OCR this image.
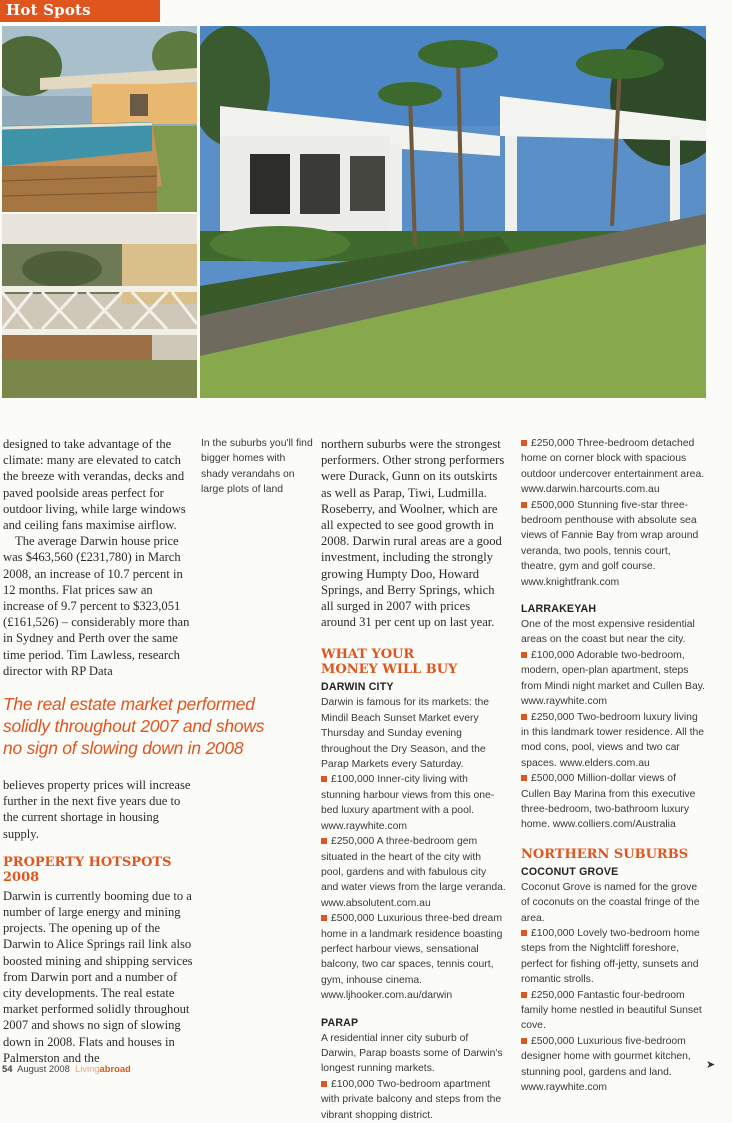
Hot Spots

designed to take advantage of the climate: many are elevated to catch the breeze with verandas, decks and paved poolside areas perfect for outdoor living, while large windows and ceiling fans maximise airflow.

The average Darwin house price was $463,560 (£231,780) in March 2008, an increase of 10.7 percent in 12 months. Flat prices saw an increase of 9.7 percent to $323,051 (£161,526) – considerably more than in Sydney and Perth over the same time period. Tim Lawless, research director with RP Data

The real estate market performed solidly throughout 2007 and shows no sign of slowing down in 2008

believes property prices will increase further in the next five years due to the current shortage in housing supply.

PROPERTY HOTSPOTS 2008

Darwin is currently booming due to a number of large energy and mining projects. The opening up of the Darwin to Alice Springs rail link also boosted mining and shipping services from Darwin port and a number of city developments. The real estate market performed solidly throughout 2007 and shows no sign of slowing down in 2008. Flats and houses in Palmerston and the

In the suburbs you'll find bigger homes with shady verandahs on large plots of land

northern suburbs were the strongest performers. Other strong performers were Durack, Gunn on its outskirts as well as Parap, Tiwi, Ludmilla. Roseberry, and Woolner, which are all expected to see good growth in 2008. Darwin rural areas are a good investment, including the strongly growing Humpty Doo, Howard Springs, and Berry Springs, which all surged in 2007 with prices around 31 per cent up on last year.

WHAT YOUR MONEY WILL BUY
DARWIN CITY

Darwin is famous for its markets: the Mindil Beach Sunset Market every Thursday and Sunday evening throughout the Dry Season, and the Parap Markets every Saturday.

£100,000 Inner-city living with stunning harbour views from this one-bed luxury apartment with a pool. www.raywhite.com

£250,000 A three-bedroom gem situated in the heart of the city with pool, gardens and with fabulous city and water views from the large veranda. www.absolutent.com.au

£500,000 Luxurious three-bed dream home in a landmark residence boasting perfect harbour views, sensational balcony, two car spaces, tennis court, gym, inhouse cinema. www.ljhooker.com.au/darwin

PARAP

A residential inner city suburb of Darwin, Parap boasts some of Darwin's longest running markets.

£100,000 Two-bedroom apartment with private balcony and steps from the vibrant shopping district.

£250,000 Three-bedroom detached home on corner block with spacious outdoor undercover entertainment area. www.darwin.harcourts.com.au

£500,000 Stunning five-star three-bedroom penthouse with absolute sea views of Fannie Bay from wrap around veranda, two pools, tennis court, theatre, gym and golf course. www.knightfrank.com

LARRAKEYAH

One of the most expensive residential areas on the coast but near the city.

£100,000 Adorable two-bedroom, modern, open-plan apartment, steps from Mindi night market and Cullen Bay. www.raywhite.com

£250,000 Two-bedroom luxury living in this landmark tower residence. All the mod cons, pool, views and two car spaces. www.elders.com.au

£500,000 Million-dollar views of Cullen Bay Marina from this executive three-bedroom, two-bathroom luxury home. www.colliers.com/Australia

NORTHERN SUBURBS
COCONUT GROVE

Coconut Grove is named for the grove of coconuts on the coastal fringe of the area.

£100,000 Lovely two-bedroom home steps from the Nightcliff foreshore, perfect for fishing off-jetty, sunsets and romantic strolls.

£250,000 Fantastic four-bedroom family home nestled in beautiful Sunset cove.

£500,000 Luxurious five-bedroom designer home with gourmet kitchen, stunning pool, gardens and land. www.raywhite.com

54 August 2008 Livingabroad	➤
